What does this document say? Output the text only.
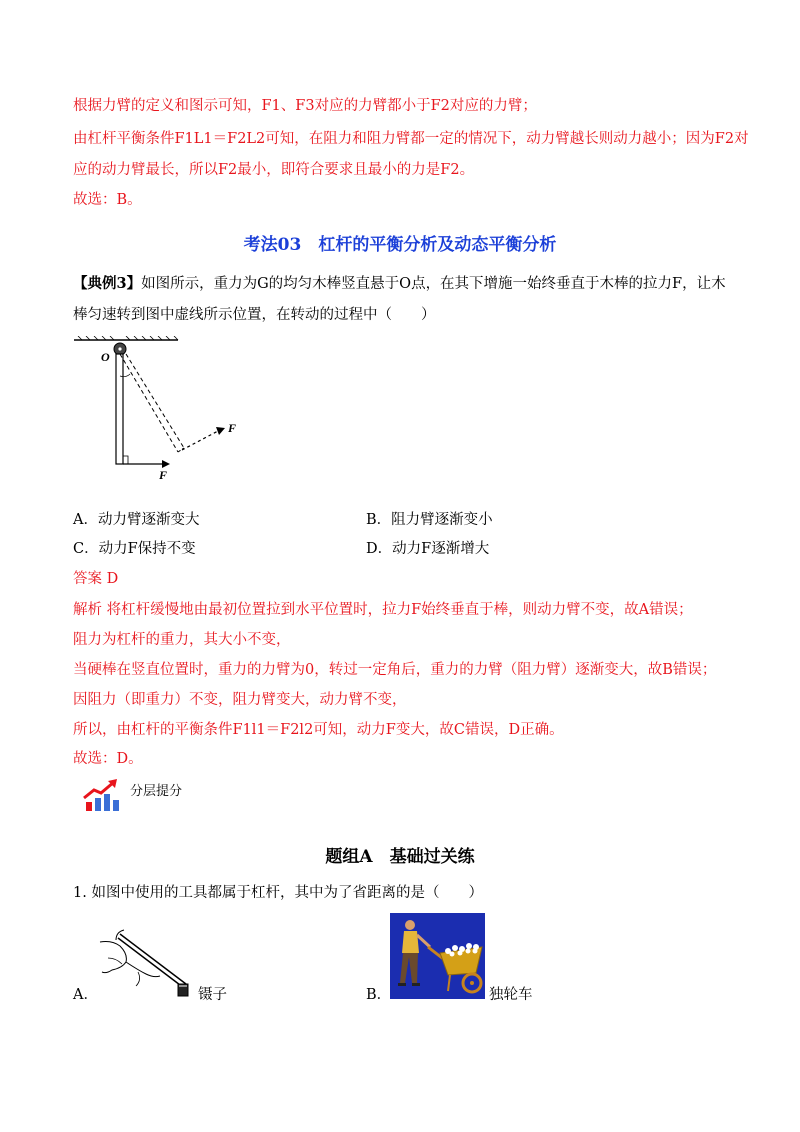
根据力臂的定义和图示可知，F1、F3对应的力臂都小于F2对应的力臂；
由杠杆平衡条件F1L1＝F2L2可知，在阻力和阻力臂都一定的情况下，动力臂越长则动力越小；因为F2对
应的动力臂最长，所以F2最小，即符合要求且最小的力是F2。
故选：B。
考法03　杠杆的平衡分析及动态平衡分析
【典例3】如图所示，重力为G的均匀木棒竖直悬于O点，在其下增施一始终垂直于木棒的拉力F，让木
棒匀速转到图中虚线所示位置，在转动的过程中（　　）
O
F
F
A．动力臂逐渐变大	B．阻力臂逐渐变小
C．动力F保持不变	D．动力F逐渐增大
答案 D
解析 将杠杆缓慢地由最初位置拉到水平位置时，拉力F始终垂直于棒，则动力臂不变，故A错误；
阻力为杠杆的重力，其大小不变，
当硬棒在竖直位置时，重力的力臂为0，转过一定角后，重力的力臂（阻力臂）逐渐变大，故B错误；
因阻力（即重力）不变，阻力臂变大，动力臂不变，
所以，由杠杆的平衡条件F1l1＝F2l2可知，动力F变大，故C错误，D正确。
故选：D。
分层提分
题组A　基础过关练
1. 如图中使用的工具都属于杠杆，其中为了省距离的是（　　）
A．	镊子	B．	独轮车
